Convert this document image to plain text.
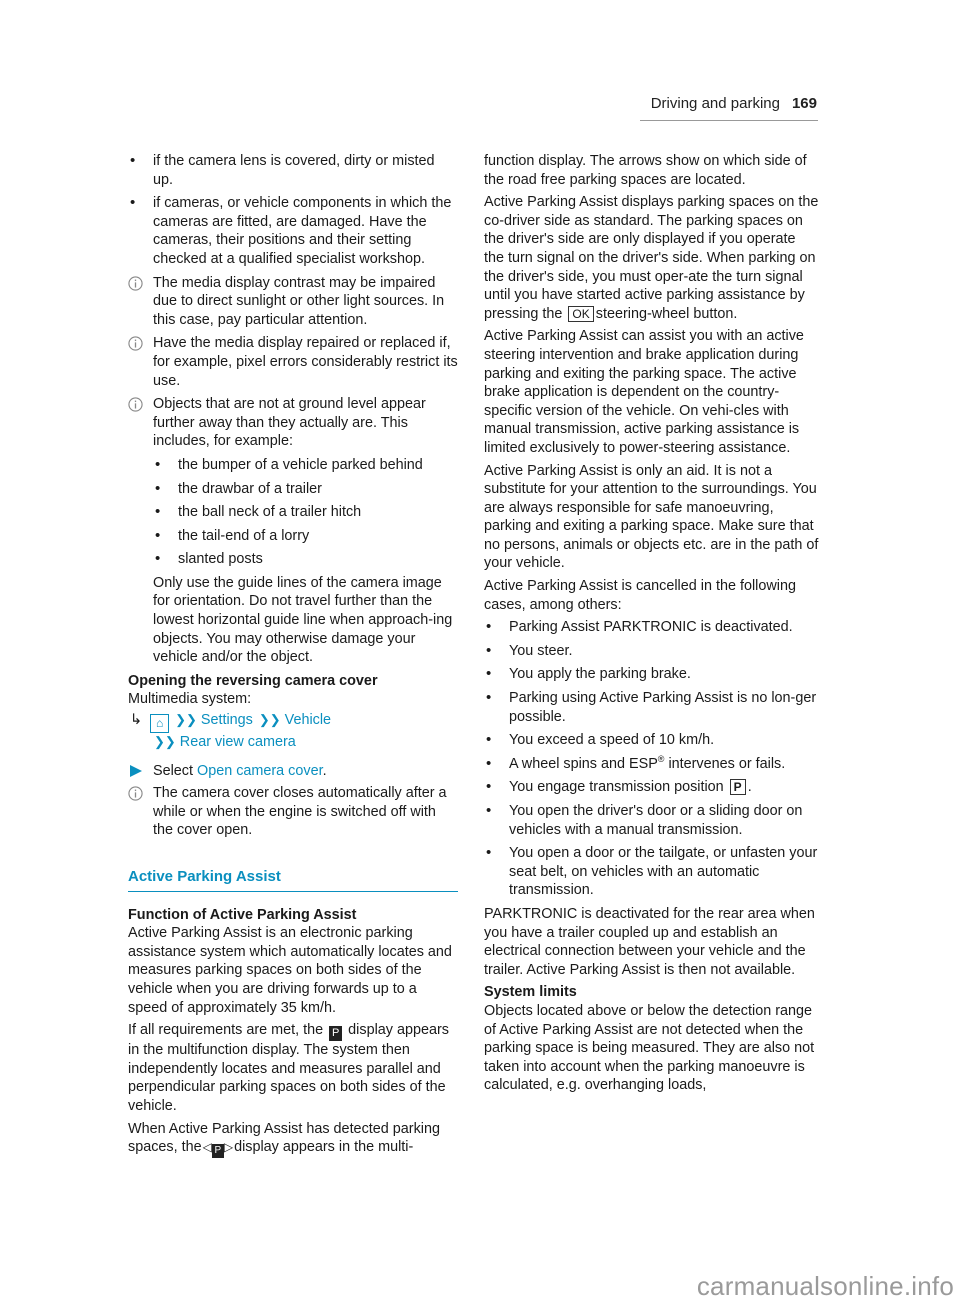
Driving and parking 169
• if the camera lens is covered, dirty or misted up.
• if cameras, or vehicle components in which the cameras are fitted, are damaged. Have the cameras, their positions and their setting checked at a qualified specialist workshop.
The media display contrast may be impaired due to direct sunlight or other light sources. In this case, pay particular attention.
Have the media display repaired or replaced if, for example, pixel errors considerably restrict its use.
Objects that are not at ground level appear further away than they actually are. This includes, for example:
• the bumper of a vehicle parked behind
• the drawbar of a trailer
• the ball neck of a trailer hitch
• the tail-end of a lorry
• slanted posts
Only use the guide lines of the camera image for orientation. Do not travel further than the lowest horizontal guide line when approach-ing objects. You may otherwise damage your vehicle and/or the object.

Opening the reversing camera cover

Multimedia system:

↳ ⌂ ❯❯ Settings ❯❯ Vehicle
❯❯ Rear view camera
Select Open camera cover.
The camera cover closes automatically after a while or when the engine is switched off with the cover open.
Active Parking Assist

Function of Active Parking Assist

Active Parking Assist is an electronic parking assistance system which automatically locates and measures parking spaces on both sides of the vehicle when you are driving forwards up to a speed of approximately 35 km/h.

If all requirements are met, the P display appears in the multifunction display. The system then independently locates and measures parallel and perpendicular parking spaces on both sides of the vehicle.

When Active Parking Assist has detected parking spaces, the◁ P ▷display appears in the multi-

function display. The arrows show on which side of the road free parking spaces are located.

Active Parking Assist displays parking spaces on the co-driver side as standard. The parking spaces on the driver's side are only displayed if you operate the turn signal on the driver's side. When parking on the driver's side, you must oper-ate the turn signal until you have started active parking assistance by pressing the OK steering-wheel button.

Active Parking Assist can assist you with an active steering intervention and brake application during parking and exiting the parking space. The active brake application is dependent on the country-specific version of the vehicle. On vehi-cles with manual transmission, active parking assistance is limited exclusively to power-steering assistance.

Active Parking Assist is only an aid. It is not a substitute for your attention to the surroundings. You are always responsible for safe manoeuvring, parking and exiting a parking space. Make sure that no persons, animals or objects etc. are in the path of your vehicle.

Active Parking Assist is cancelled in the following cases, among others:

• Parking Assist PARKTRONIC is deactivated.
• You steer.
• You apply the parking brake.
• Parking using Active Parking Assist is no lon-ger possible.
• You exceed a speed of 10 km/h.
• A wheel spins and ESP® intervenes or fails.
• You engage transmission position P .
• You open the driver's door or a sliding door on vehicles with a manual transmission.
• You open a door or the tailgate, or unfasten your seat belt, on vehicles with an automatic transmission.

PARKTRONIC is deactivated for the rear area when you have a trailer coupled up and establish an electrical connection between your vehicle and the trailer. Active Parking Assist is then not available.

System limits

Objects located above or below the detection range of Active Parking Assist are not detected when the parking space is being measured. They are also not taken into account when the parking manoeuvre is calculated, e.g. overhanging loads,

carmanualsonline.info
